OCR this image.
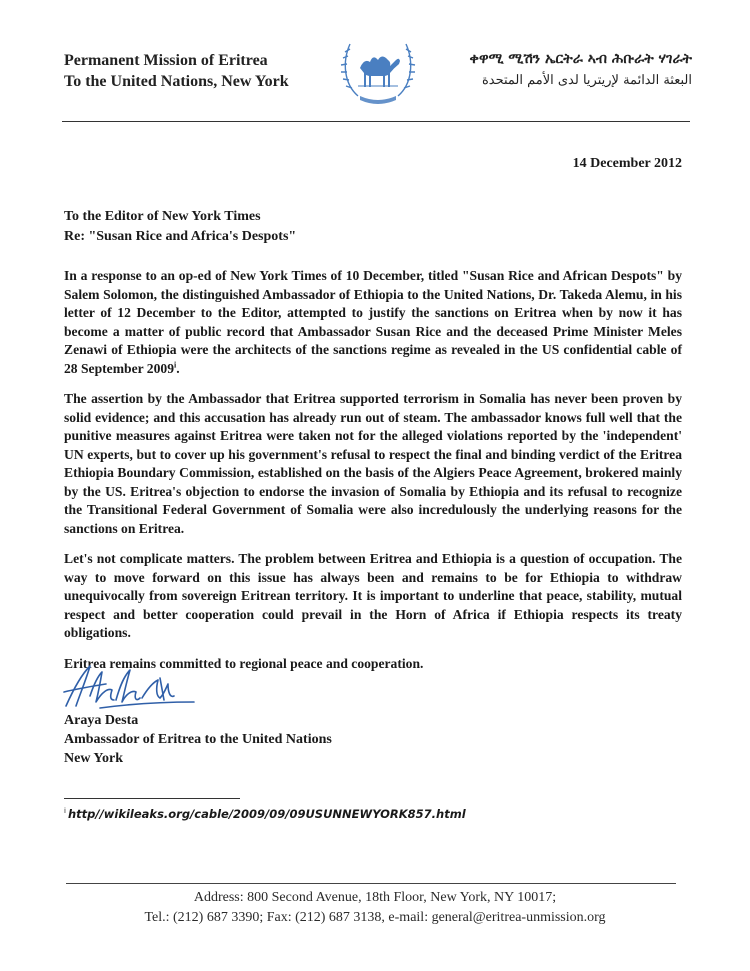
Permanent Mission of Eritrea
To the United Nations, New York
ቀዋሚ ሚሽን ኤርትራ ኣብ ሕቡራት ሃገራት
البعثة الدائمة لإريتريا لدى الأمم المتحدة
14 December 2012
To the Editor of New York Times
Re: "Susan Rice and Africa's Despots"

In a response to an op-ed of New York Times of 10 December, titled "Susan Rice and African Despots" by Salem Solomon, the distinguished Ambassador of Ethiopia to the United Nations, Dr. Takeda Alemu, in his letter of 12 December to the Editor, attempted to justify the sanctions on Eritrea when by now it has become a matter of public record that Ambassador Susan Rice and the deceased Prime Minister Meles Zenawi of Ethiopia were the architects of the sanctions regime as revealed in the US confidential cable of 28 September 2009$^i$.

The assertion by the Ambassador that Eritrea supported terrorism in Somalia has never been proven by solid evidence; and this accusation has already run out of steam. The ambassador knows full well that the punitive measures against Eritrea were taken not for the alleged violations reported by the 'independent' UN experts, but to cover up his government's refusal to respect the final and binding verdict of the Eritrea Ethiopia Boundary Commission, established on the basis of the Algiers Peace Agreement, brokered mainly by the US. Eritrea's objection to endorse the invasion of Somalia by Ethiopia and its refusal to recognize the Transitional Federal Government of Somalia were also incredulously the underlying reasons for the sanctions on Eritrea.

Let's not complicate matters. The problem between Eritrea and Ethiopia is a question of occupation. The way to move forward on this issue has always been and remains to be for Ethiopia to withdraw unequivocally from sovereign Eritrean territory. It is important to underline that peace, stability, mutual respect and better cooperation could prevail in the Horn of Africa if Ethiopia respects its treaty obligations.

Eritrea remains committed to regional peace and cooperation.

Araya Desta
Ambassador of Eritrea to the United Nations
New York
$^i$ http//wikileaks.org/cable/2009/09/09USUNNEWYORK857.html
Address: 800 Second Avenue, 18th Floor, New York, NY 10017;
Tel.: (212) 687 3390; Fax: (212) 687 3138, e-mail: general@eritrea-unmission.org
